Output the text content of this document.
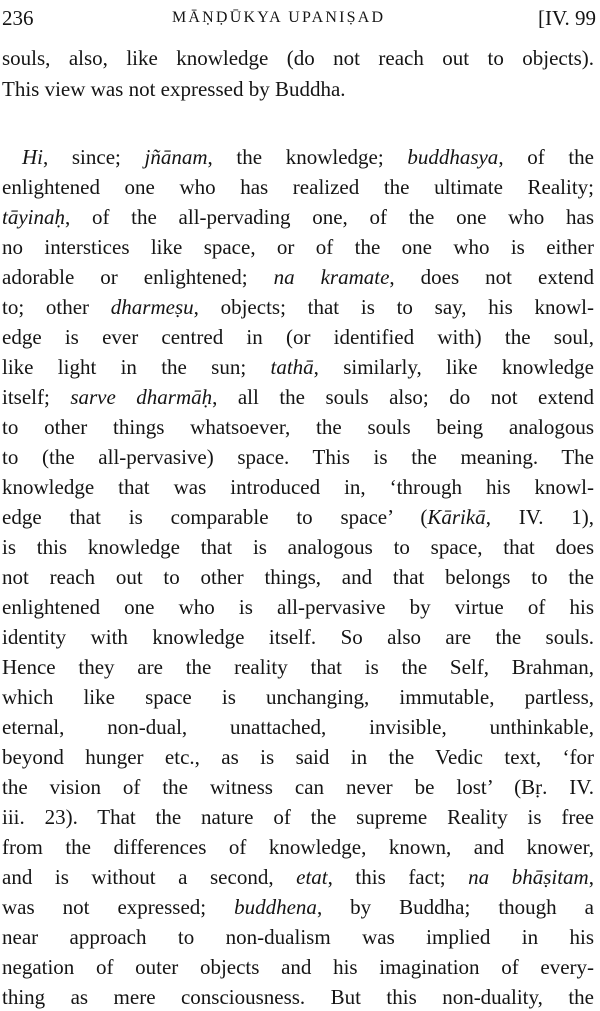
236	MĀṆḌŪKYA UPANIṢAD	[IV. 99
souls, also, like knowledge (do not reach out to objects).
This view was not expressed by Buddha.
Hi, since; jñānam, the knowledge; buddhasya, of the
enlightened one who has realized the ultimate Reality;
tāyinaḥ, of the all-pervading one, of the one who has
no interstices like space, or of the one who is either
adorable or enlightened; na kramate, does not extend
to; other dharmeṣu, objects; that is to say, his knowl-
edge is ever centred in (or identified with) the soul,
like light in the sun; tathā, similarly, like knowledge
itself; sarve dharmāḥ, all the souls also; do not extend
to other things whatsoever, the souls being analogous
to (the all-pervasive) space. This is the meaning. The
knowledge that was introduced in, ‘through his knowl-
edge that is comparable to space’ (Kārikā, IV. 1),
is this knowledge that is analogous to space, that does
not reach out to other things, and that belongs to the
enlightened one who is all-pervasive by virtue of his
identity with knowledge itself. So also are the souls.
Hence they are the reality that is the Self, Brahman,
which like space is unchanging, immutable, partless,
eternal, non-dual, unattached, invisible, unthinkable,
beyond hunger etc., as is said in the Vedic text, ‘for
the vision of the witness can never be lost’ (Bṛ. IV.
iii. 23). That the nature of the supreme Reality is free
from the differences of knowledge, known, and knower,
and is without a second, etat, this fact; na bhāṣitam,
was not expressed; buddhena, by Buddha; though a
near approach to non-dualism was implied in his
negation of outer objects and his imagination of every-
thing as mere consciousness. But this non-duality, the
